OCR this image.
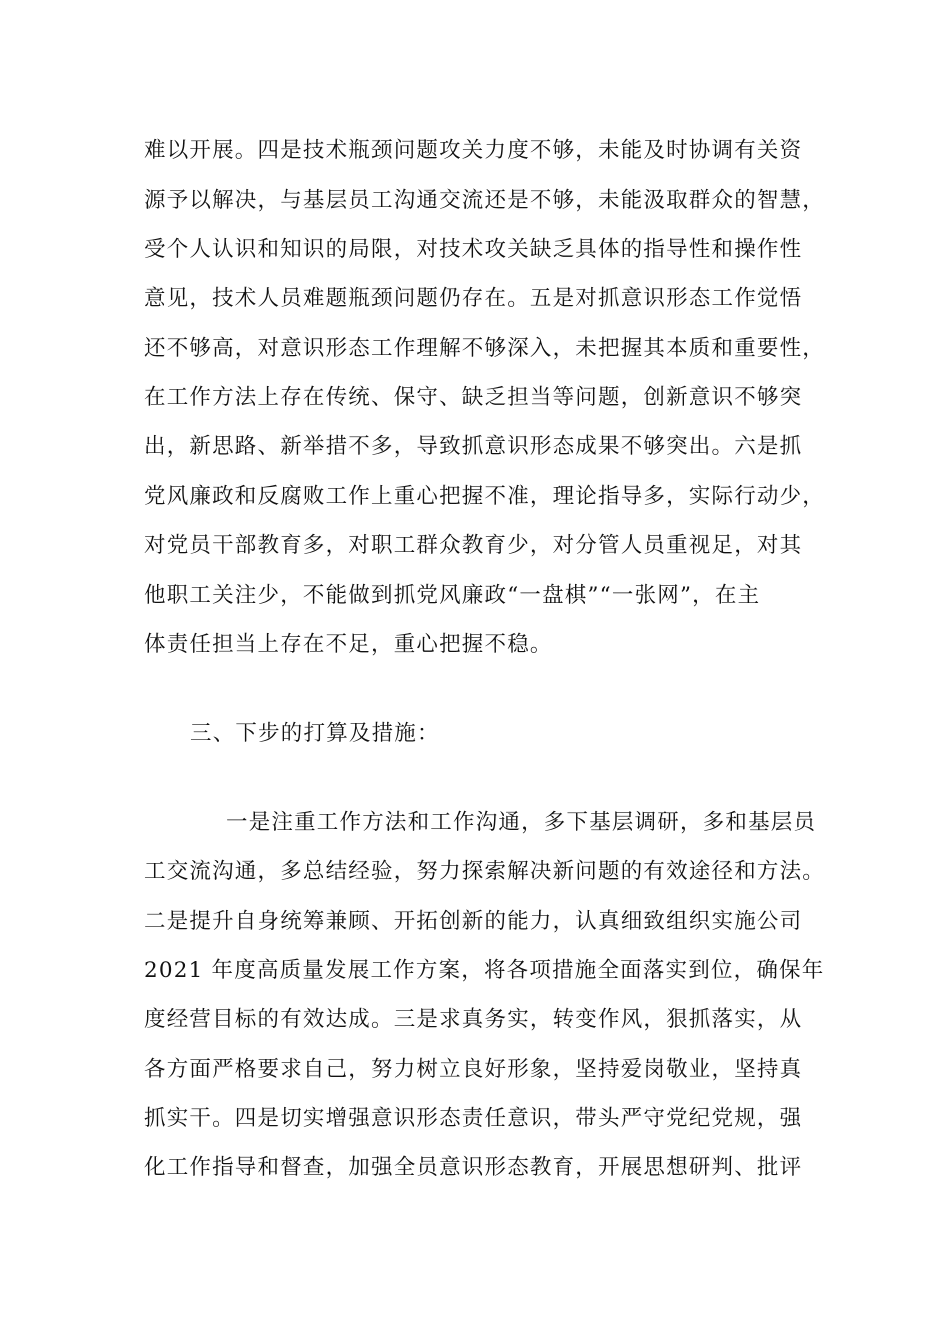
难以开展。四是技术瓶颈问题攻关力度不够，未能及时协调有关资
源予以解决，与基层员工沟通交流还是不够，未能汲取群众的智慧，
受个人认识和知识的局限，对技术攻关缺乏具体的指导性和操作性
意见，技术人员难题瓶颈问题仍存在。五是对抓意识形态工作觉悟
还不够高，对意识形态工作理解不够深入，未把握其本质和重要性，
在工作方法上存在传统、保守、缺乏担当等问题，创新意识不够突
出，新思路、新举措不多，导致抓意识形态成果不够突出。六是抓
党风廉政和反腐败工作上重心把握不准，理论指导多，实际行动少，
对党员干部教育多，对职工群众教育少，对分管人员重视足，对其
他职工关注少，不能做到抓党风廉政“一盘棋”“一张网”，在主
体责任担当上存在不足，重心把握不稳。
三、下步的打算及措施：
一是注重工作方法和工作沟通，多下基层调研，多和基层员
工交流沟通，多总结经验，努力探索解决新问题的有效途径和方法。
二是提升自身统筹兼顾、开拓创新的能力，认真细致组织实施公司
2021 年度高质量发展工作方案，将各项措施全面落实到位，确保年
度经营目标的有效达成。三是求真务实，转变作风，狠抓落实，从
各方面严格要求自己，努力树立良好形象，坚持爱岗敬业，坚持真
抓实干。四是切实增强意识形态责任意识，带头严守党纪党规，强
化工作指导和督查，加强全员意识形态教育，开展思想研判、批评
